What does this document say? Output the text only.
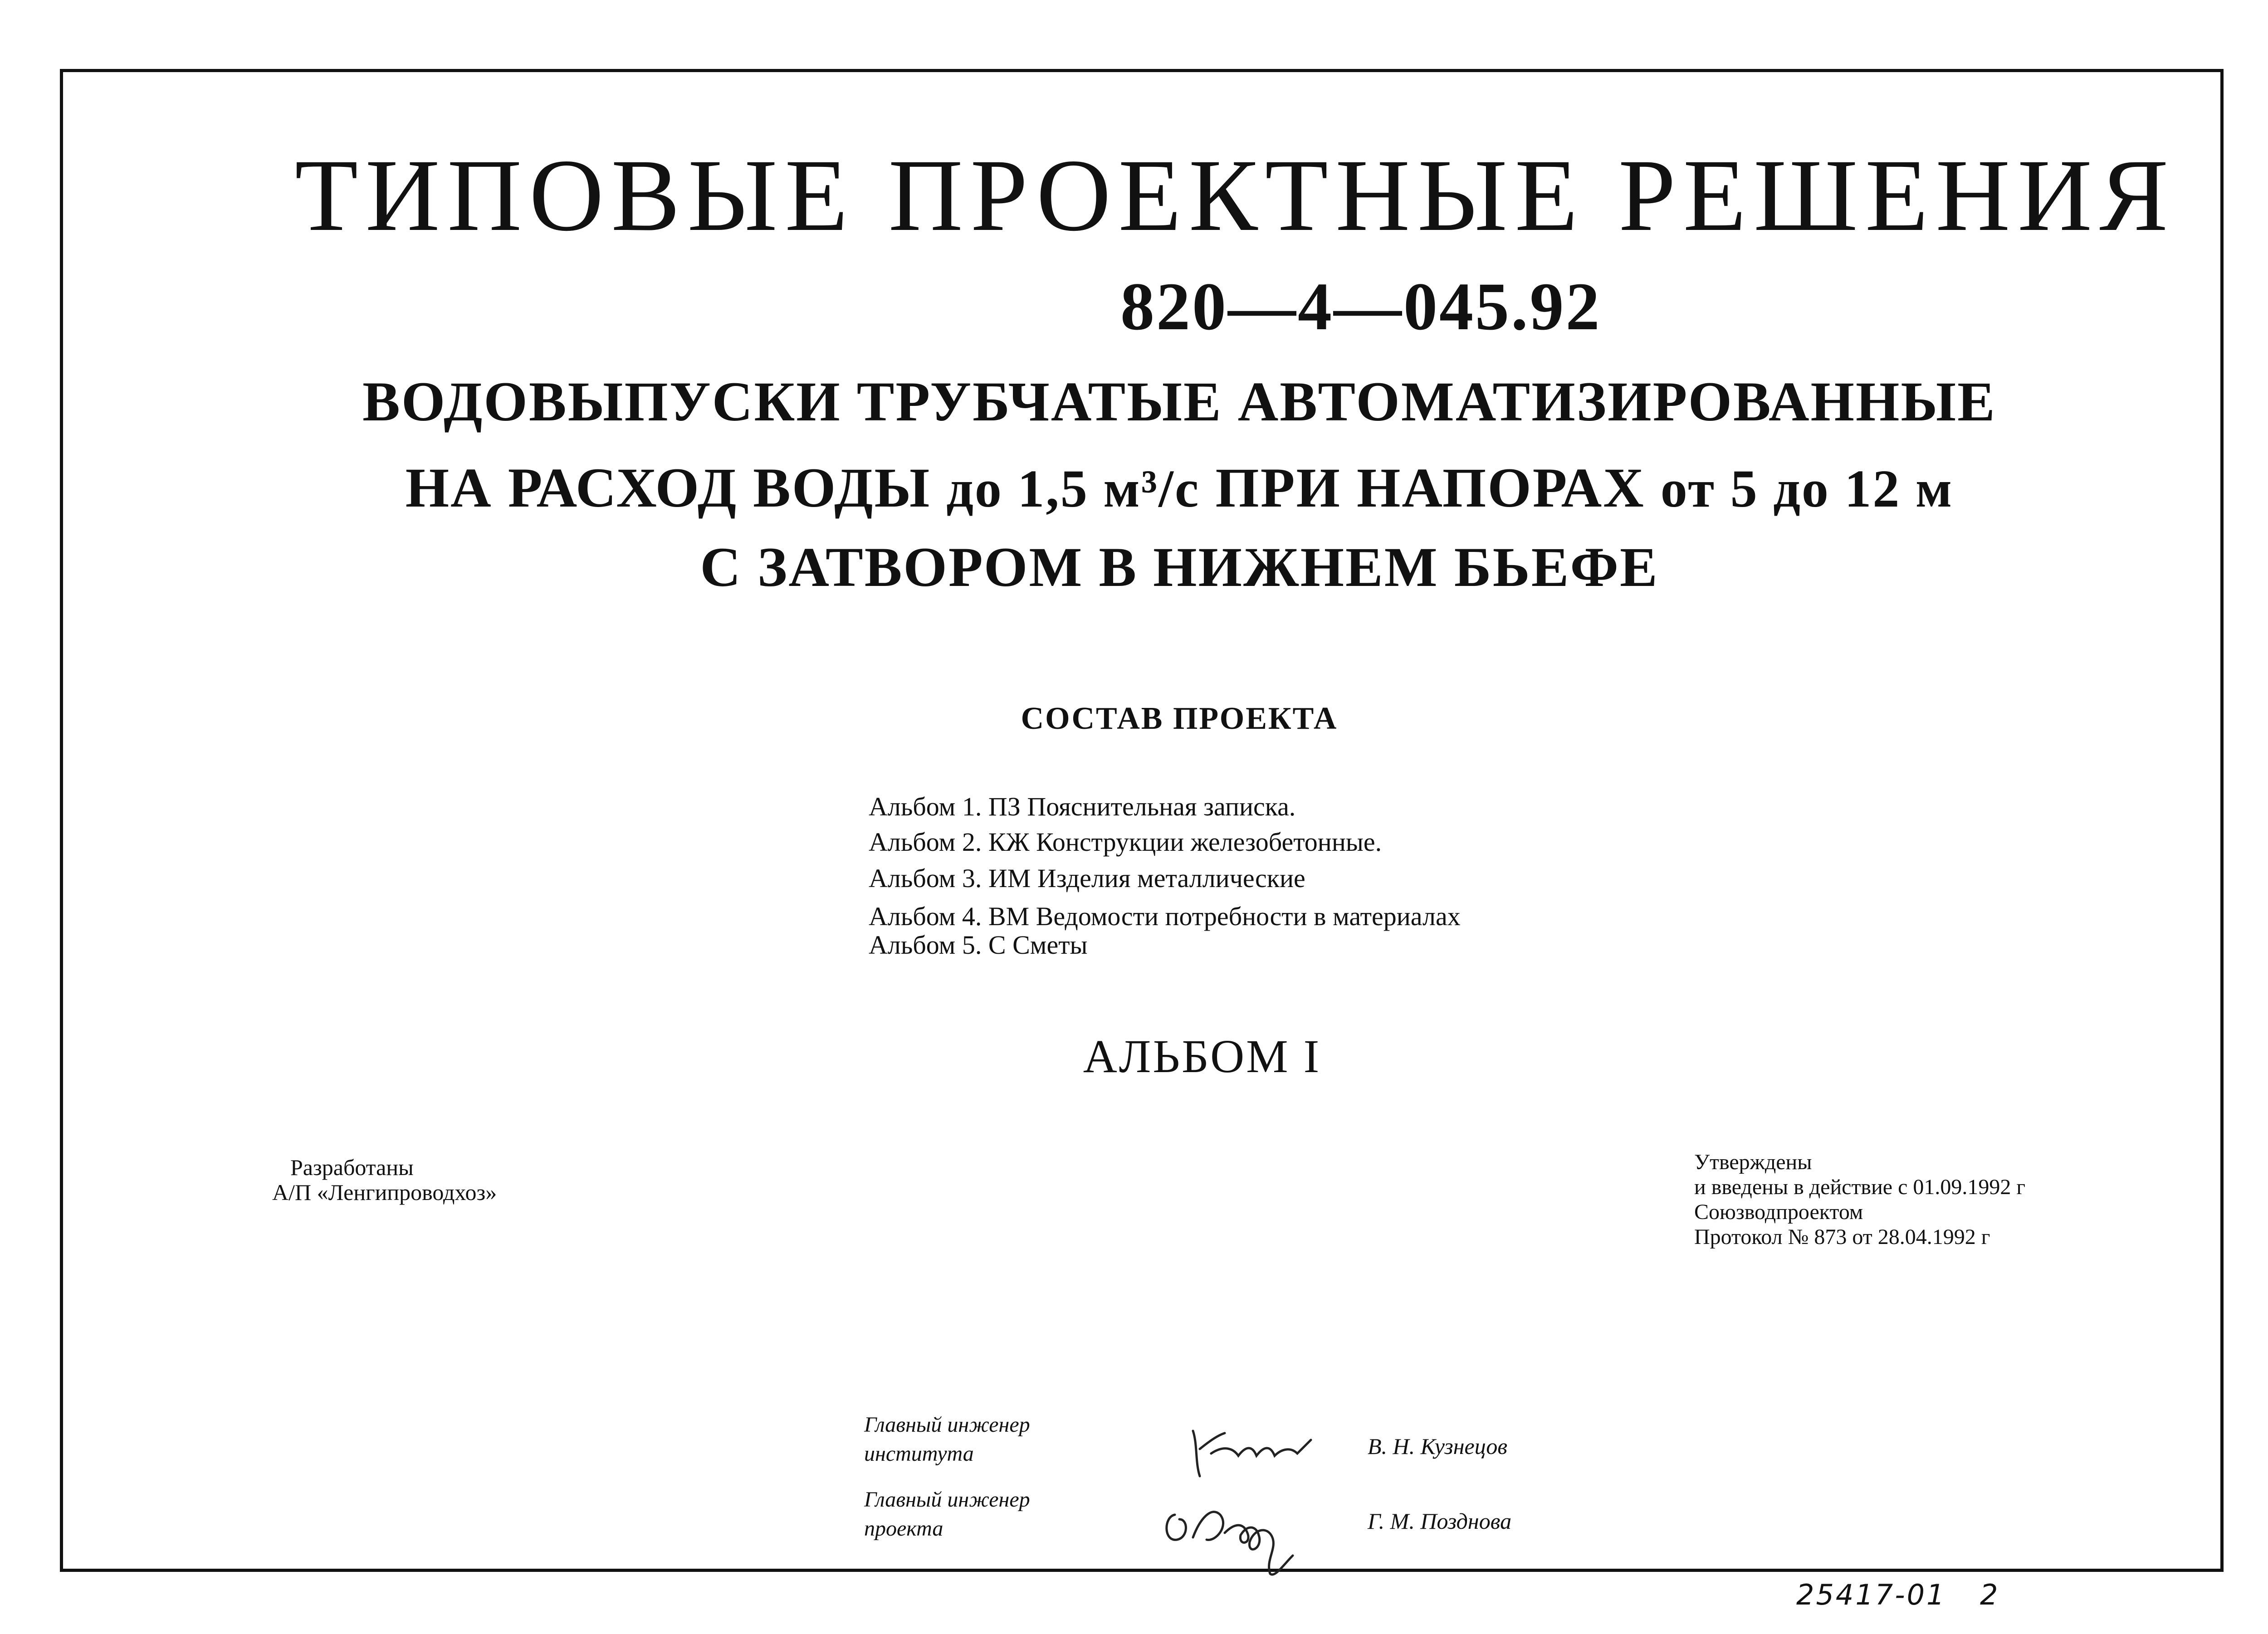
ТИПОВЫЕ ПРОЕКТНЫЕ РЕШЕНИЯ
820—4—045.92
ВОДОВЫПУСКИ ТРУБЧАТЫЕ АВТОМАТИЗИРОВАННЫЕ
НА РАСХОД ВОДЫ до 1,5 м³/с ПРИ НАПОРАХ от 5 до 12 м
С ЗАТВОРОМ В НИЖНЕМ БЬЕФЕ
СОСТАВ ПРОЕКТА
Альбом 1. ПЗ Пояснительная записка.
Альбом 2. КЖ Конструкции железобетонные.
Альбом 3. ИМ Изделия металлические
Альбом 4. ВМ Ведомости потребности в материалах
Альбом 5. С Сметы
АЛЬБОМ I
Разработаны
А/П «Ленгипроводхоз»
Утверждены
и введены в действие с 01.09.1992 г
Союзводпроектом
Протокол № 873 от 28.04.1992 г
Главный инженер
института	В. Н. Кузнецов
Главный инженер
проекта	Г. М. Позднова
25417-01 2
